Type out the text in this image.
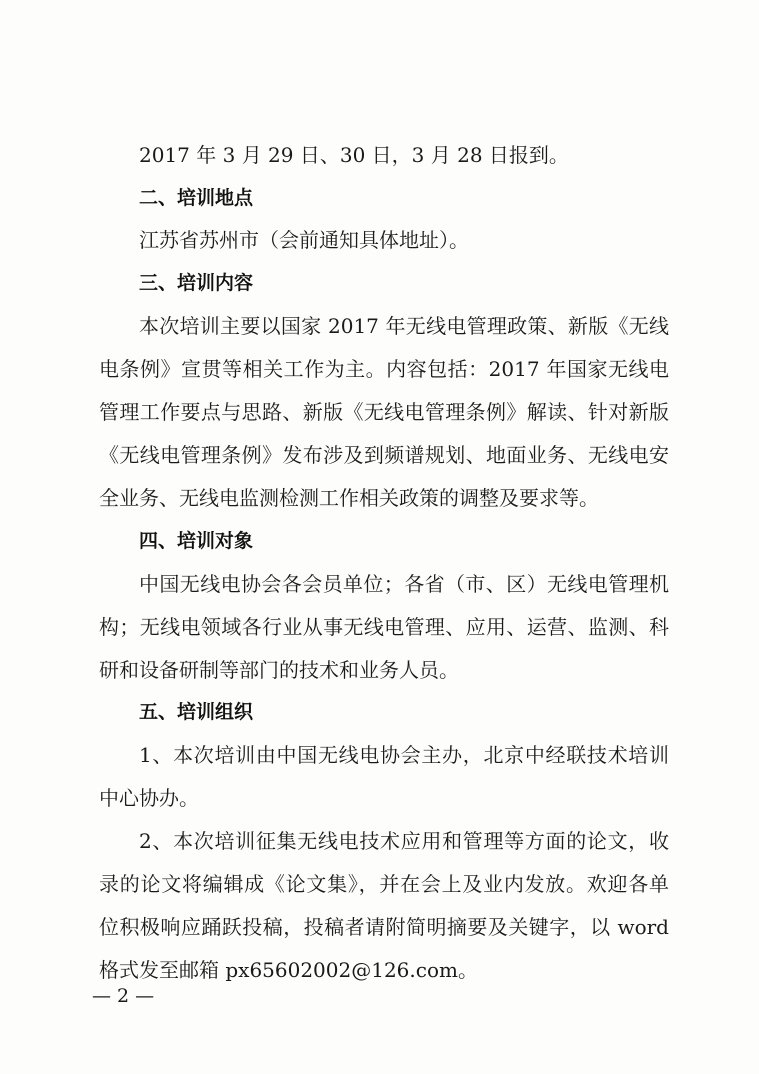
2017 年 3 月 29 日、30 日，3 月 28 日报到。
二、培训地点
江苏省苏州市（会前通知具体地址）。
三、培训内容
本次培训主要以国家 2017 年无线电管理政策、新版《无线
电条例》宣贯等相关工作为主。内容包括：2017 年国家无线电
管理工作要点与思路、新版《无线电管理条例》解读、针对新版
《无线电管理条例》发布涉及到频谱规划、地面业务、无线电安
全业务、无线电监测检测工作相关政策的调整及要求等。
四、培训对象
中国无线电协会各会员单位；各省（市、区）无线电管理机
构；无线电领域各行业从事无线电管理、应用、运营、监测、科
研和设备研制等部门的技术和业务人员。
五、培训组织
1、本次培训由中国无线电协会主办，北京中经联技术培训
中心协办。
2、本次培训征集无线电技术应用和管理等方面的论文，收
录的论文将编辑成《论文集》，并在会上及业内发放。欢迎各单
位积极响应踊跃投稿，投稿者请附简明摘要及关键字，以 word
格式发至邮箱 px65602002@126.com。
— 2 —
